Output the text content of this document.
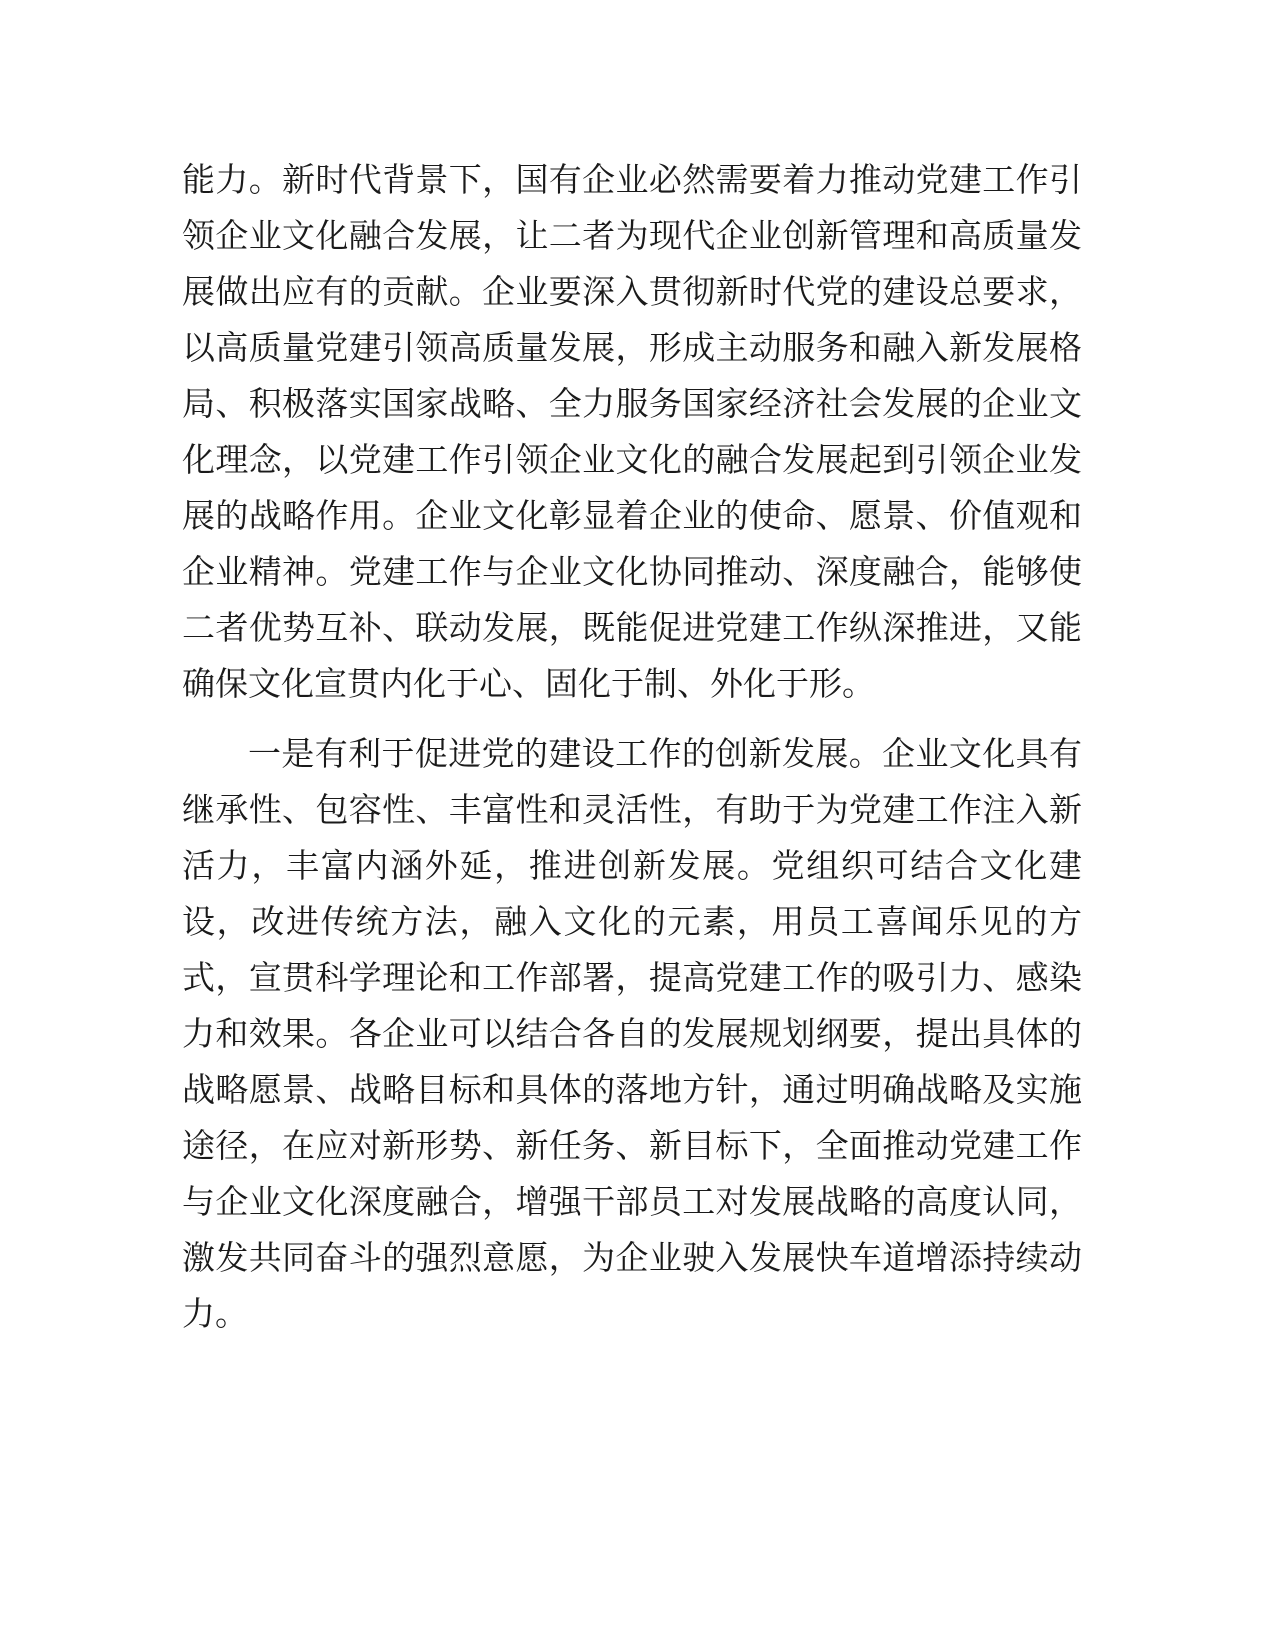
能力。新时代背景下，国有企业必然需要着力推动党建工作引
领企业文化融合发展，让二者为现代企业创新管理和高质量发
展做出应有的贡献。企业要深入贯彻新时代党的建设总要求，
以高质量党建引领高质量发展，形成主动服务和融入新发展格
局、积极落实国家战略、全力服务国家经济社会发展的企业文
化理念，以党建工作引领企业文化的融合发展起到引领企业发
展的战略作用。企业文化彰显着企业的使命、愿景、价值观和
企业精神。党建工作与企业文化协同推动、深度融合，能够使
二者优势互补、联动发展，既能促进党建工作纵深推进，又能
确保文化宣贯内化于心、固化于制、外化于形。
一是有利于促进党的建设工作的创新发展。企业文化具有
继承性、包容性、丰富性和灵活性，有助于为党建工作注入新
活力，丰富内涵外延，推进创新发展。党组织可结合文化建
设，改进传统方法，融入文化的元素，用员工喜闻乐见的方
式，宣贯科学理论和工作部署，提高党建工作的吸引力、感染
力和效果。各企业可以结合各自的发展规划纲要，提出具体的
战略愿景、战略目标和具体的落地方针，通过明确战略及实施
途径，在应对新形势、新任务、新目标下，全面推动党建工作
与企业文化深度融合，增强干部员工对发展战略的高度认同，
激发共同奋斗的强烈意愿，为企业驶入发展快车道增添持续动
力。
